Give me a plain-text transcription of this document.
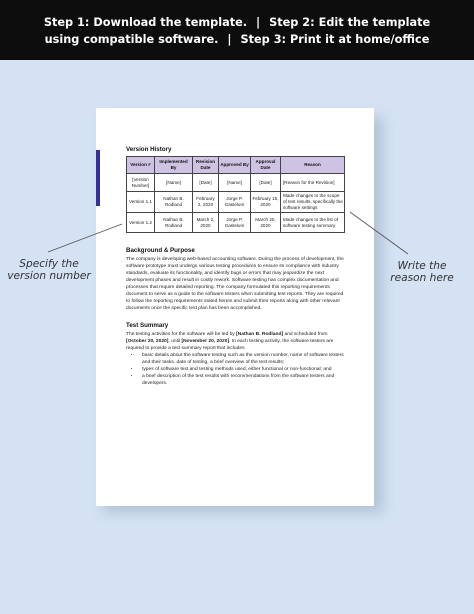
Step 1: Download the template. | Step 2: Edit the template
using compatible software. | Step 3: Print it at home/office
Version History
Version #	Implemented By	Revision Date	Approved By	Approval Date	Reason
[Version Number]	[Name]	[Date]	[Name]	[Date]	[Reason for the Revision]
Version 1.1	Nathan B. Rodland	February 2, 2020	Jorge P. Gastelum	February 15, 2020	Made changes to the scope of test results, specifically the software settings
Version 1.2	Nathan B. Rodland	March 2, 2020	Jorge P. Gastelum	March 20, 2020	Made changes to the list of software testing summary
Background & Purpose

The company is developing web-based accounting software. During the process of development, the software prototype must undergo various testing procedures to ensure its compliance with industry standards, evaluate its functionality, and identify bugs or errors that may jeopardize the next development phases and result in costly rework. Software testing has complex documentation and processes that require detailed reporting. The company formulated this reporting requirements document to serve as a guide to the software testers when submitting test reports. They are required to follow the reporting requirements stated herein and submit their reports along with other relevant documents once the specific test plan has been accomplished.

Test Summary

The testing activities for the software will be led by [Nathan B. Rodland] and scheduled from [October 20, 2020], until [November 20, 2020]. In each testing activity, the software testers are required to provide a test summary report that includes

• basic details about the software testing such as the version number, name of software testers and their tasks, date of testing, a brief overview of the test results;
• types of software test and testing methods used, either functional or non-functional; and
• a brief description of the test results with recommendations from the software testers and developers.
Specify the version number
Write the reason here
